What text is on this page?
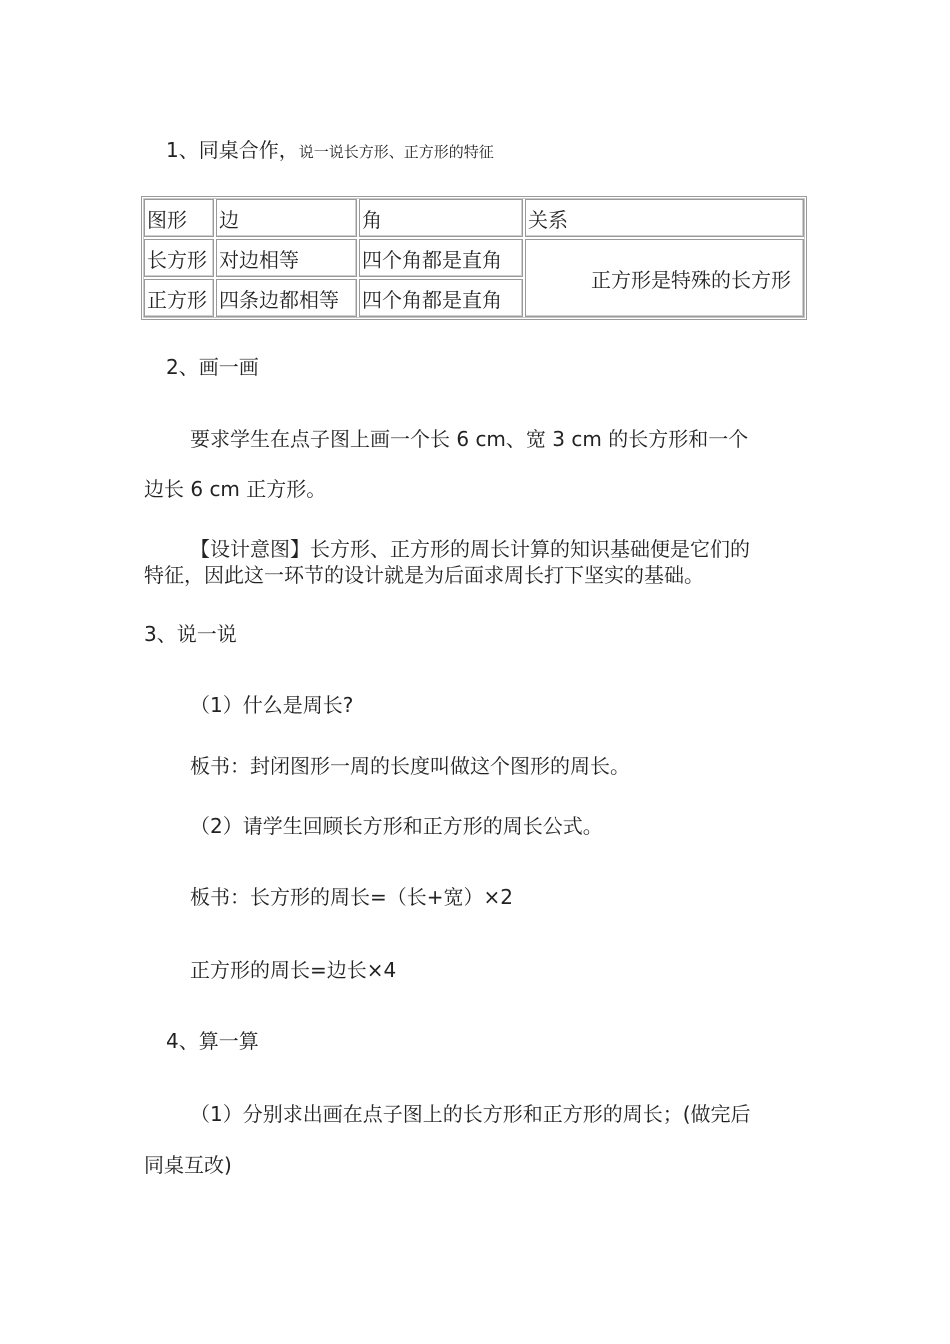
1、同桌合作，说一说长方形、正方形的特征
图形	边	角	关系
长方形	对边相等	四个角都是直角	正方形是特殊的长方形
正方形	四条边都相等	四个角都是直角	
2、画一画
要求学生在点子图上画一个长 6 cm、宽 3 cm 的长方形和一个
边长 6 cm 正方形。
【设计意图】长方形、正方形的周长计算的知识基础便是它们的
特征，因此这一环节的设计就是为后面求周长打下坚实的基础。
3、说一说
（1）什么是周长?
板书：封闭图形一周的长度叫做这个图形的周长。
（2）请学生回顾长方形和正方形的周长公式。
板书：长方形的周长=（长+宽）×2
正方形的周长=边长×4
4、算一算
（1）分别求出画在点子图上的长方形和正方形的周长；(做完后
同桌互改)
